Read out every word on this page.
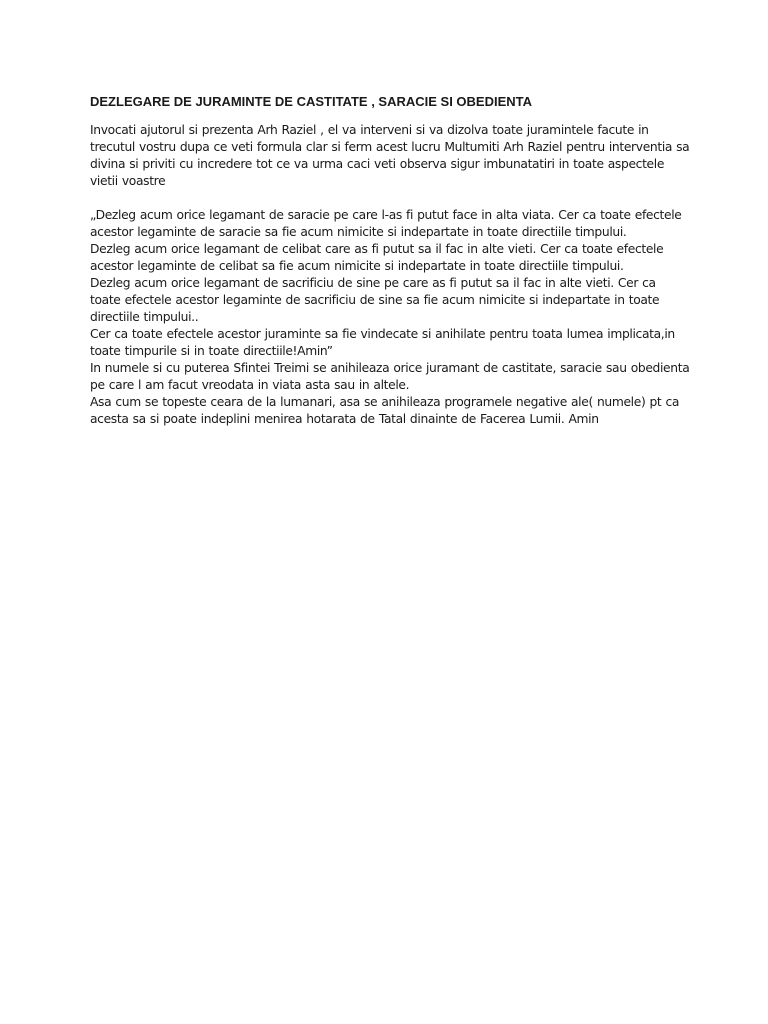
DEZLEGARE DE JURAMINTE DE CASTITATE , SARACIE SI OBEDIENTA

Invocati ajutorul si prezenta Arh Raziel , el va interveni si va dizolva toate juramintele facute in trecutul vostru dupa ce veti formula clar si ferm acest lucru Multumiti Arh Raziel pentru interventia sa divina si priviti cu incredere tot ce va urma caci veti observa sigur imbunatatiri in toate aspectele vietii voastre

„Dezleg acum orice legamant de saracie pe care l-as fi putut face in alta viata. Cer ca toate efectele acestor legaminte de saracie sa fie acum nimicite si indepartate in toate directiile timpului.

Dezleg acum orice legamant de celibat care as fi putut sa il fac in alte vieti. Cer ca toate efectele acestor legaminte de celibat sa fie acum nimicite si indepartate in toate directiile timpului.

Dezleg acum orice legamant de sacrificiu de sine pe care as fi putut sa il fac in alte vieti. Cer ca toate efectele acestor legaminte de sacrificiu de sine sa fie acum nimicite si indepartate in toate directiile timpului..

Cer ca toate efectele acestor juraminte sa fie vindecate si anihilate pentru toata lumea implicata,in toate timpurile si in toate directiile!Amin”

In numele si cu puterea Sfintei Treimi se anihileaza orice juramant de castitate, saracie sau obedienta pe care l am facut vreodata in viata asta sau in altele.

Asa cum se topeste ceara de la lumanari, asa se anihileaza programele negative ale( numele) pt ca acesta sa si poate indeplini menirea hotarata de Tatal dinainte de Facerea Lumii. Amin
